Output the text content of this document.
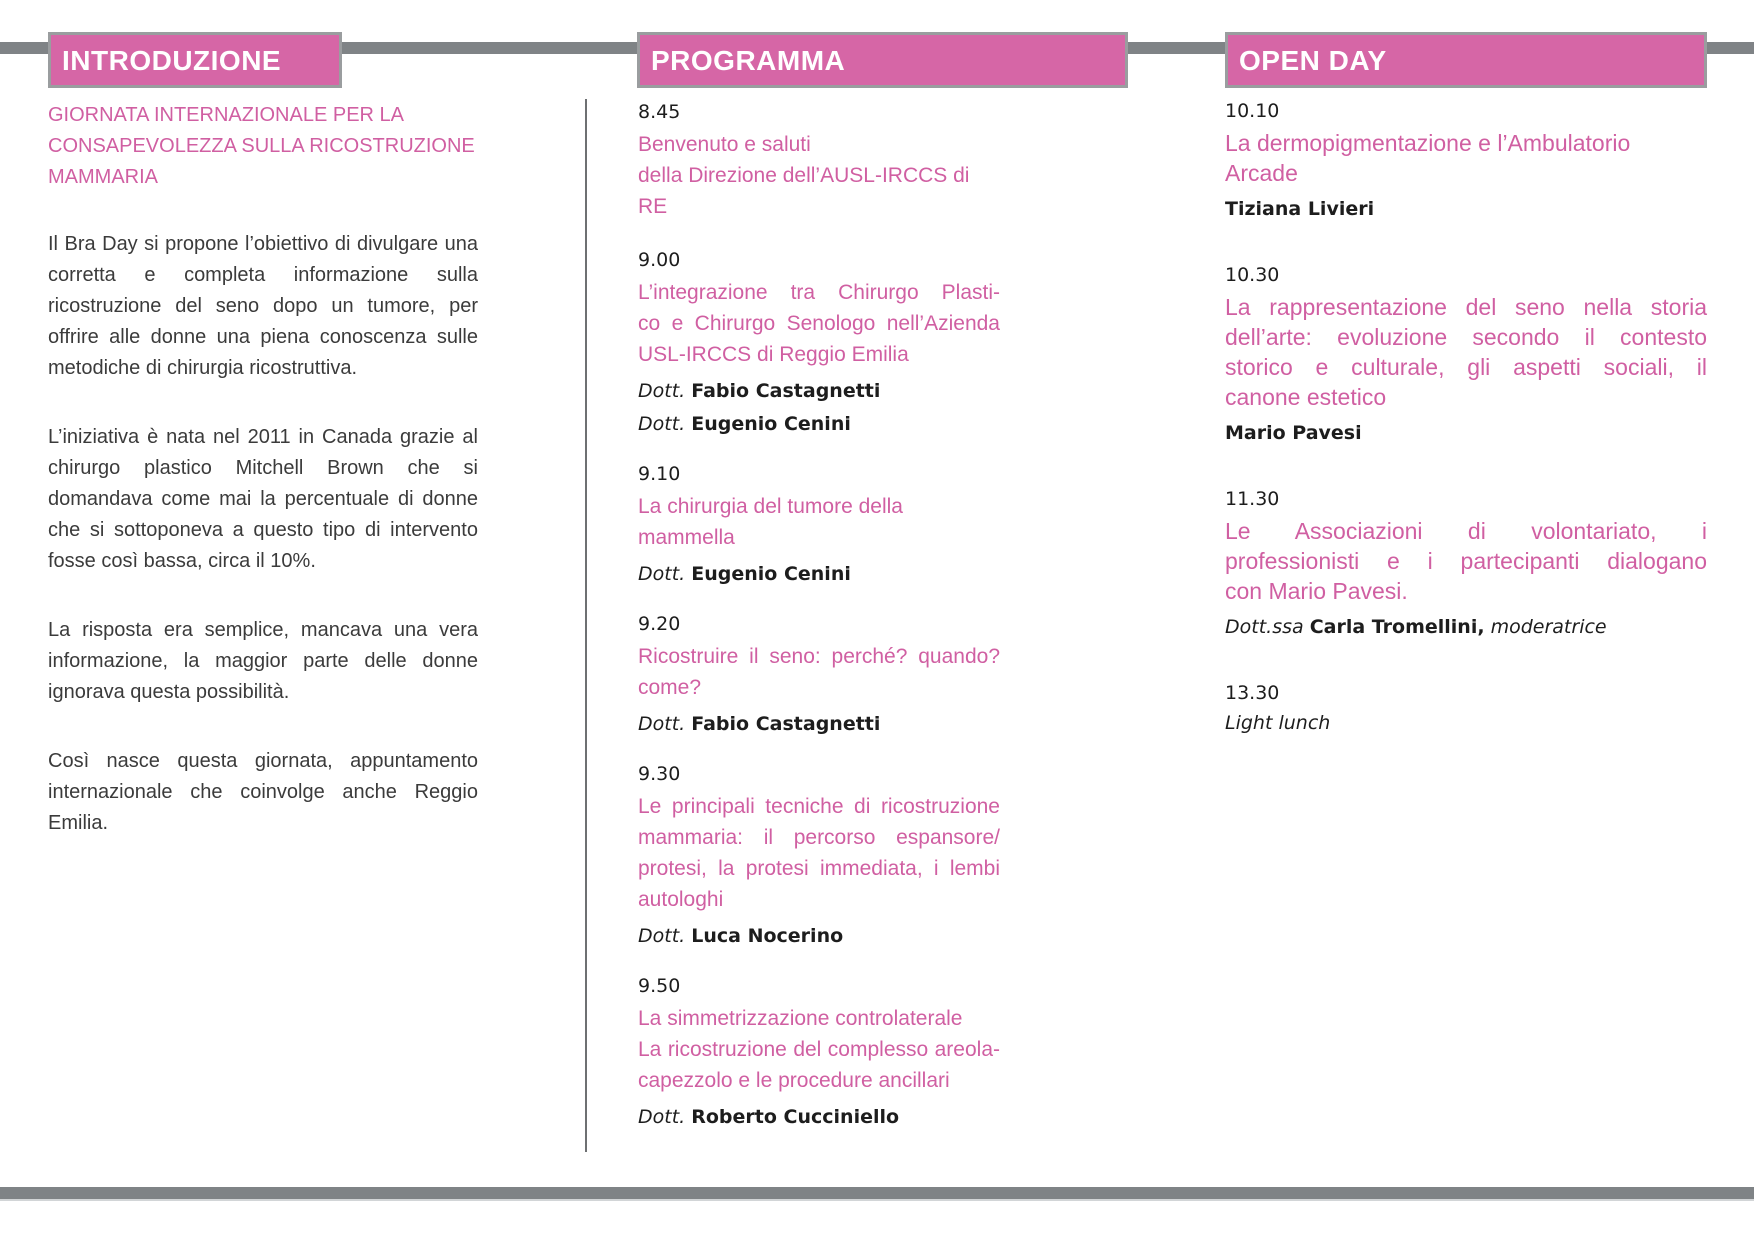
INTRODUZIONE	PROGRAMMA	OPEN DAY
GIORNATA INTERNAZIONALE PER LA
CONSAPEVOLEZZA SULLA RICOSTRUZIONE
MAMMARIA
Il Bra Day si propone l’obiettivo di divulgare una corretta e completa informazione sulla ricostruzione del seno dopo un tumore, per offrire alle donne una piena conoscenza sulle metodiche di chirurgia ricostruttiva.
L’iniziativa è nata nel 2011 in Canada grazie al chirurgo plastico Mitchell Brown che si domandava come mai la percentuale di donne che si sottoponeva a questo tipo di intervento fosse così bassa, circa il 10%.
La risposta era semplice, mancava una vera informazione, la maggior parte delle donne ignorava questa possibilità.
Così nasce questa giornata, appuntamento internazionale che coinvolge anche Reggio Emilia.
8.45
Benvenuto e saluti
della Direzione dell’AUSL-IRCCS di RE
9.00
L’integrazione tra Chirurgo Plasti-
co e Chirurgo Senologo nell’Azienda
USL-IRCCS di Reggio Emilia
Dott. Fabio Castagnetti
Dott. Eugenio Cenini
9.10
La chirurgia del tumore della mammella
Dott. Eugenio Cenini
9.20
Ricostruire il seno: perché? quando?
come?
Dott. Fabio Castagnetti
9.30
Le principali tecniche di ricostruzione
mammaria: il percorso espansore/
protesi, la protesi immediata, i lembi
autologhi
Dott. Luca Nocerino
9.50
La simmetrizzazione controlaterale
La ricostruzione del complesso areola-
capezzolo e le procedure ancillari
Dott. Roberto Cucciniello
10.10
La dermopigmentazione e l’Ambulatorio
Arcade
Tiziana Livieri
10.30
La rappresentazione del seno nella storia
dell’arte: evoluzione secondo il contesto
storico e culturale, gli aspetti sociali, il
canone estetico
Mario Pavesi
11.30
Le Associazioni di volontariato, i
professionisti e i partecipanti dialogano
con Mario Pavesi.
Dott.ssa Carla Tromellini, moderatrice
13.30
Light lunch
